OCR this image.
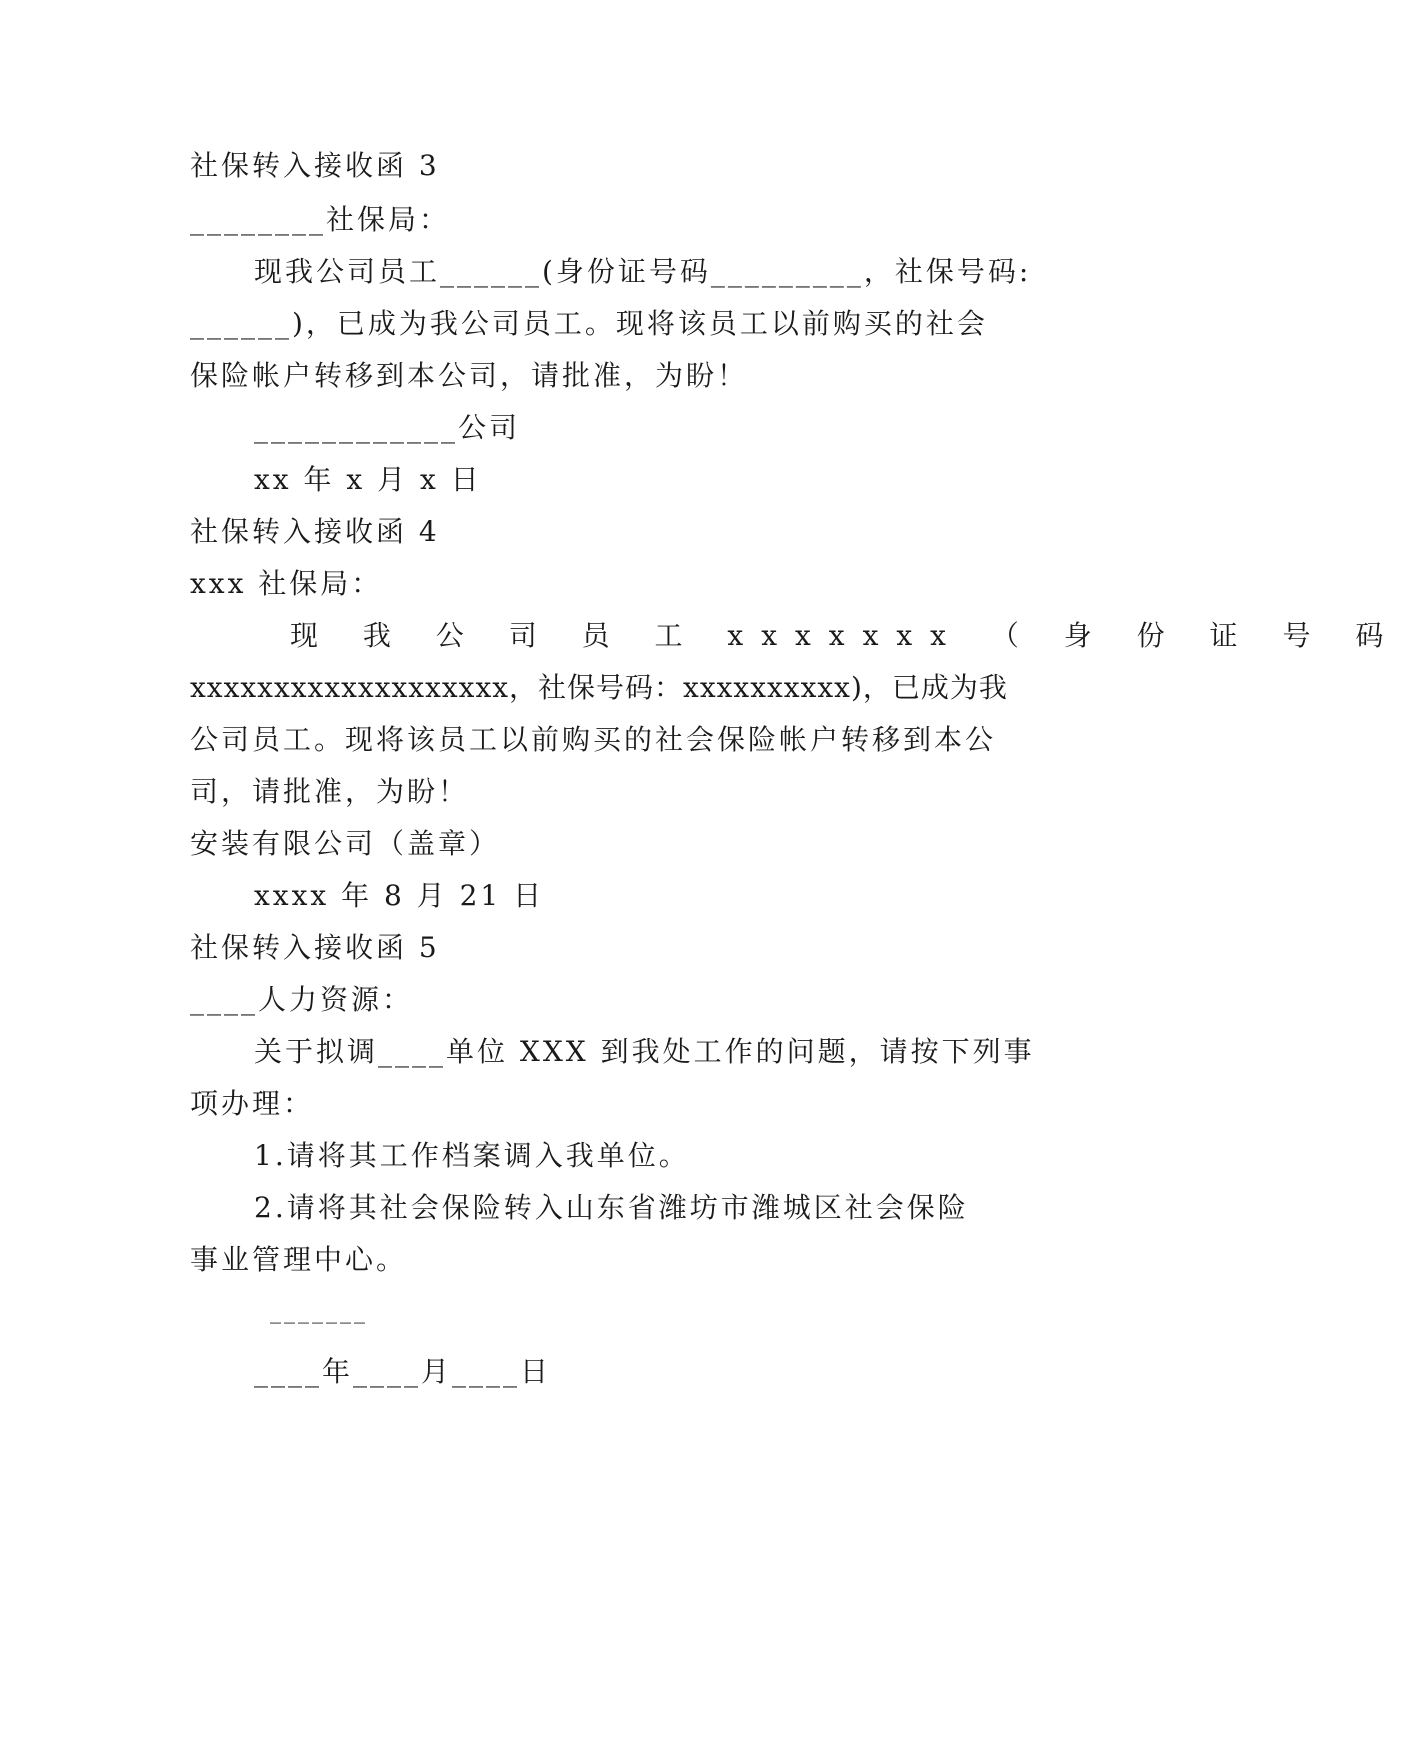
社保转入接收函 3
________社保局：
现我公司员工______(身份证号码_________，社保号码:
______)，已成为我公司员工。现将该员工以前购买的社会
保险帐户转移到本公司，请批准，为盼！
____________公司
xx 年 x 月 x 日
社保转入接收函 4
xxx 社保局：
现 我 公 司 员 工 xxxxxxx （ 身 份 证 号 码
xxxxxxxxxxxxxxxxxxx，社保号码：xxxxxxxxxx)，已成为我
公司员工。现将该员工以前购买的社会保险帐户转移到本公
司，请批准，为盼！
安装有限公司（盖章）
xxxx 年 8 月 21 日
社保转入接收函 5
____人力资源：
关于拟调____单位 XXX 到我处工作的问题，请按下列事
项办理：
1.请将其工作档案调入我单位。
2.请将其社会保险转入山东省潍坊市潍城区社会保险
事业管理中心。
_______
____年____月____日
